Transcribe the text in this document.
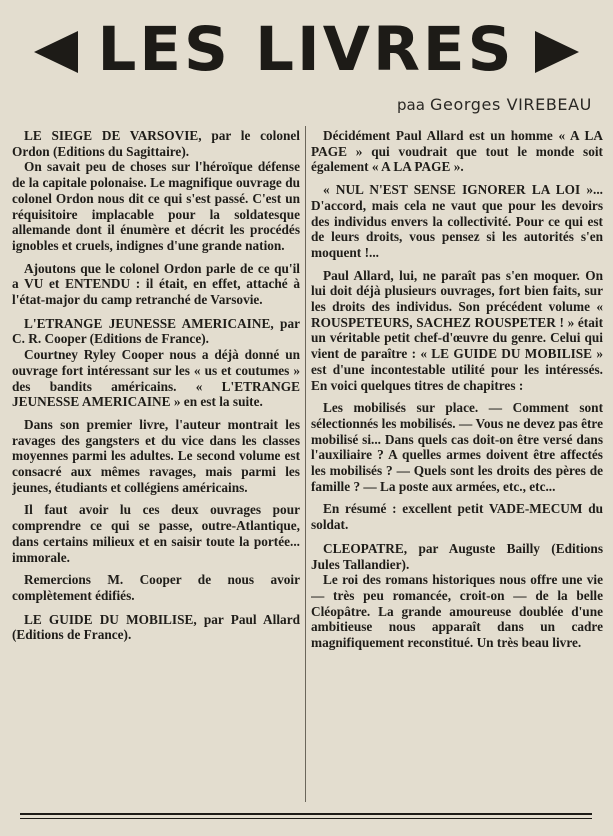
LES LIVRES
paa Georges VIREBEAU

LE SIEGE DE VARSOVIE, par le colonel Ordon (Editions du Sagittaire).

On savait peu de choses sur l'héroïque défense de la capitale polonaise. Le magnifique ouvrage du colonel Ordon nous dit ce qui s'est passé. C'est un réquisitoire implacable pour la soldatesque allemande dont il énumère et décrit les procédés ignobles et cruels, indignes d'une grande nation.

Ajoutons que le colonel Ordon parle de ce qu'il a VU et ENTENDU : il était, en effet, attaché à l'état-major du camp retranché de Varsovie.

L'ETRANGE JEUNESSE AMERICAINE, par C. R. Cooper (Editions de France).

Courtney Ryley Cooper nous a déjà donné un ouvrage fort intéressant sur les « us et coutumes » des bandits américains. « L'ETRANGE JEUNESSE AMERICAINE » en est la suite.

Dans son premier livre, l'auteur montrait les ravages des gangsters et du vice dans les classes moyennes parmi les adultes. Le second volume est consacré aux mêmes ravages, mais parmi les jeunes, étudiants et collégiens américains.

Il faut avoir lu ces deux ouvrages pour comprendre ce qui se passe, outre-Atlantique, dans certains milieux et en saisir toute la portée... immorale.

Remercions M. Cooper de nous avoir complètement édifiés.

LE GUIDE DU MOBILISE, par Paul Allard (Editions de France).

Décidément Paul Allard est un homme « A LA PAGE » qui voudrait que tout le monde soit également « A LA PAGE ».

« NUL N'EST SENSE IGNORER LA LOI »... D'accord, mais cela ne vaut que pour les devoirs des individus envers la collectivité. Pour ce qui est de leurs droits, vous pensez si les autorités s'en moquent !...

Paul Allard, lui, ne paraît pas s'en moquer. On lui doit déjà plusieurs ouvrages, fort bien faits, sur les droits des individus. Son précédent volume « ROUSPETEURS, SACHEZ ROUSPETER ! » était un véritable petit chef-d'œuvre du genre. Celui qui vient de paraître : « LE GUIDE DU MOBILISE » est d'une incontestable utilité pour les intéressés. En voici quelques titres de chapitres :

Les mobilisés sur place. — Comment sont sélectionnés les mobilisés. — Vous ne devez pas être mobilisé si... Dans quels cas doit-on être versé dans l'auxiliaire ? A quelles armes doivent être affectés les mobilisés ? — Quels sont les droits des pères de famille ? — La poste aux armées, etc., etc...

En résumé : excellent petit VADE-MECUM du soldat.

CLEOPATRE, par Auguste Bailly (Editions Jules Tallandier).

Le roi des romans historiques nous offre une vie — très peu romancée, croit-on — de la belle Cléopâtre. La grande amoureuse doublée d'une ambitieuse nous apparaît dans un cadre magnifiquement reconstitué. Un très beau livre.
